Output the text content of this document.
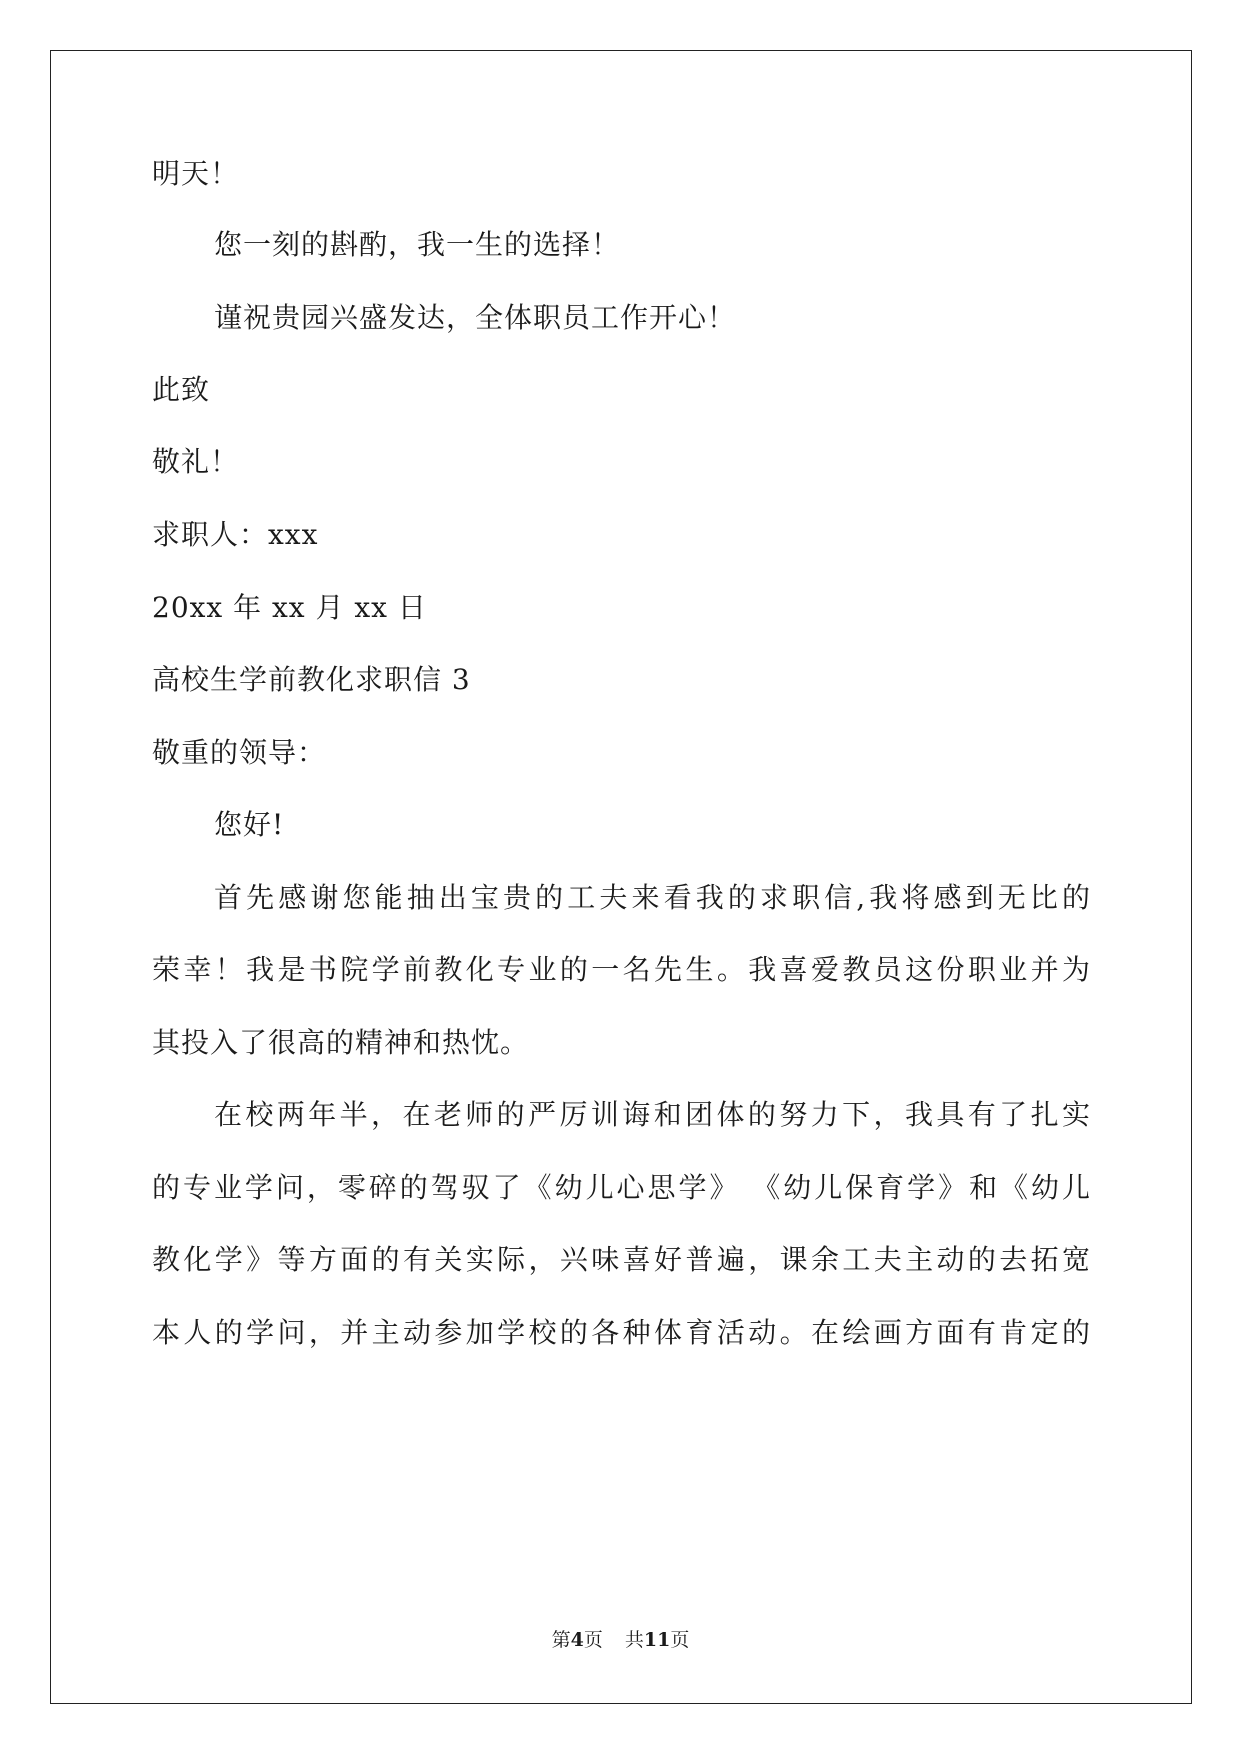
明天！
您一刻的斟酌，我一生的选择！
谨祝贵园兴盛发达，全体职员工作开心！
此致
敬礼！
求职人：xxx
20xx 年 xx 月 xx 日
高校生学前教化求职信 3
敬重的领导：
您好!
首先感谢您能抽出宝贵的工夫来看我的求职信,我将感到无比的
荣幸！我是书院学前教化专业的一名先生。我喜爱教员这份职业并为
其投入了很高的精神和热忱。
在校两年半，在老师的严厉训诲和团体的努力下，我具有了扎实
的专业学问，零碎的驾驭了《幼儿心思学》 《幼儿保育学》和《幼儿
教化学》等方面的有关实际，兴味喜好普遍，课余工夫主动的去拓宽
本人的学问，并主动参加学校的各种体育活动。在绘画方面有肯定的
第4页 共11页
